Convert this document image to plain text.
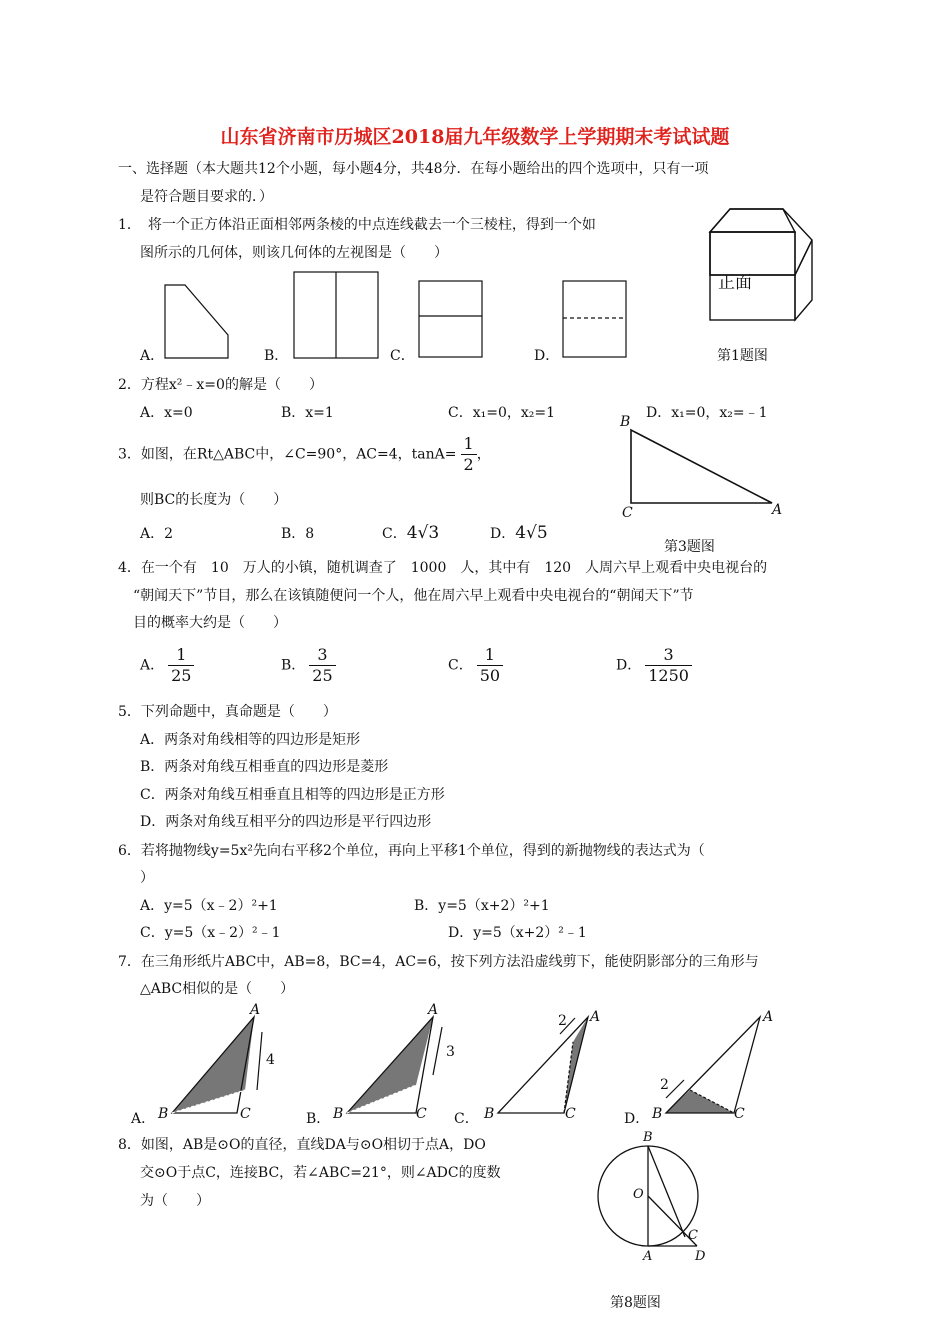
山东省济南市历城区2018届九年级数学上学期期末考试试题
一、选择题（本大题共12个小题，每小题4分，共48分．在每小题给出的四个选项中，只有一项
是符合题目要求的．）
1．　将一个正方体沿正面相邻两条棱的中点连线截去一个三棱柱，得到一个如
图所示的几何体，则该几何体的左视图是（　　）
A．	B．	C．	D．
正面
第1题图
2．方程x²﹣x=0的解是（　　）
A．x=0	B．x=1	C．x₁=0，x₂=1	D．x₁=0，x₂=﹣1
3．如图，在Rt△ABC中，∠C=90°，AC=4，$\tan A= \frac{1}{2}$ ，
则BC的长度为（　　）
A．2	B．8	C．4√3	D．4√5
B
C	A
第3题图
4．在一个有　10　万人的小镇，随机调查了　1000　人，其中有　120　人周六早上观看中央电视台的
“朝闻天下”节目，那么在该镇随便问一个人，他在周六早上观看中央电视台的“朝闻天下”节
目的概率大约是（　　）
A． $\frac{1}{25}$	B． $\frac{3}{25}$	C． $\frac{1}{50}$	D． $\frac{3}{1250}$
5．下列命题中，真命题是（　　）
A．两条对角线相等的四边形是矩形
B．两条对角线互相垂直的四边形是菱形
C．两条对角线互相垂直且相等的四边形是正方形
D．两条对角线互相平分的四边形是平行四边形
6．若将抛物线y=5x²先向右平移2个单位，再向上平移1个单位，得到的新抛物线的表达式为（
）
A．y=5（x﹣2）²+1	B．y=5（x+2）²+1
C．y=5（x﹣2）²﹣1	D．y=5（x+2）²﹣1
7．在三角形纸片ABC中，AB=8，BC=4，AC=6，按下列方法沿虚线剪下，能使阴影部分的三角形与
△ABC相似的是（　　）
A．	B．	C．	D．
A
B	C
4
A
B	C
3
A
B	C
2	A
B	C
2
8．如图，AB是⊙O的直径，直线DA与⊙O相切于点A，DO
交⊙O于点C，连接BC，若∠ABC=21°，则∠ADC的度数
为（　　）
B
O
C
A	D
第8题图
